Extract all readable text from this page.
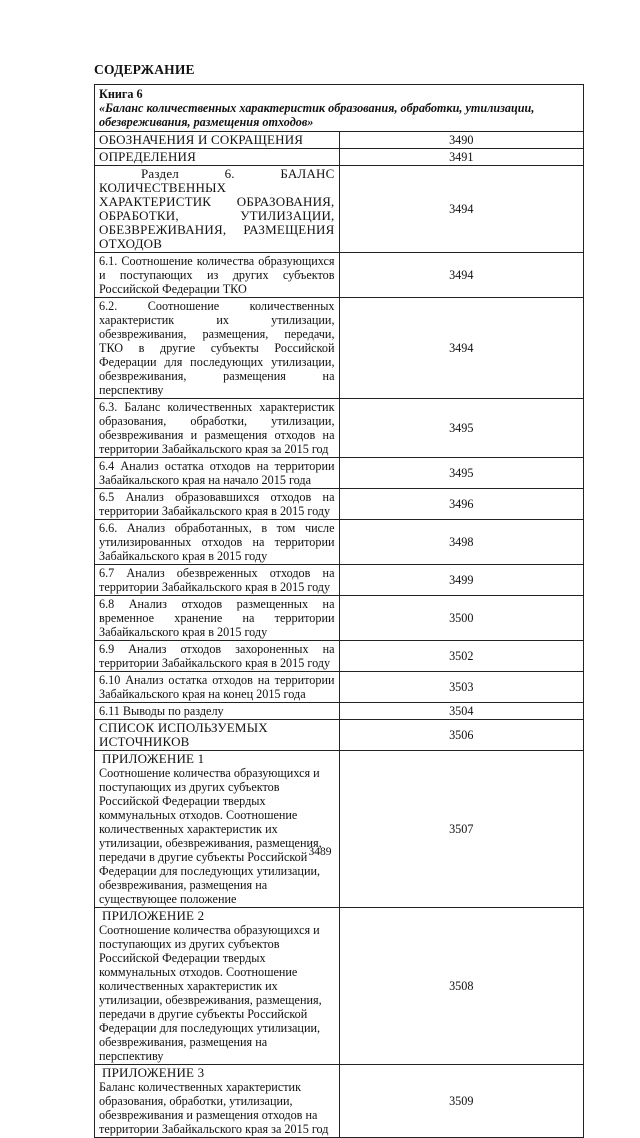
СОДЕРЖАНИЕ
Книга 6
«Баланс количественных характеристик образования, обработки, утилизации, обезвреживания, размещения отходов»	

ОБОЗНАЧЕНИЯ И СОКРАЩЕНИЯ	3490
ОПРЕДЕЛЕНИЯ	3491
Раздел 6. БАЛАНС КОЛИЧЕСТВЕННЫХ ХАРАКТЕРИСТИК ОБРАЗОВАНИЯ, ОБРАБОТКИ, УТИЛИЗАЦИИ, ОБЕЗВРЕЖИВАНИЯ, РАЗМЕЩЕНИЯ ОТХОДОВ	3494
6.1. Соотношение количества образующихся и поступающих из других субъектов Российской Федерации ТКО	3494
6.2. Соотношение количественных характеристик их утилизации, обезвреживания, размещения, передачи, ТКО в другие субъекты Российской Федерации для последующих утилизации, обезвреживания, размещения на перспективу	3494
6.3. Баланс количественных характеристик образования, обработки, утилизации, обезвреживания и размещения отходов на территории Забайкальского края за 2015 год	3495
6.4 Анализ остатка отходов на территории Забайкальского края на начало 2015 года	3495
6.5 Анализ образовавшихся отходов на территории Забайкальского края в 2015 году	3496
6.6. Анализ обработанных, в том числе утилизированных отходов на территории Забайкальского края в 2015 году	3498
6.7 Анализ обезвреженных отходов на территории Забайкальского края в 2015 году	3499
6.8 Анализ отходов размещенных на временное хранение на территории Забайкальского края в 2015 году	3500
6.9 Анализ отходов захороненных на территории Забайкальского края в 2015 году	3502
6.10 Анализ остатка отходов на территории Забайкальского края на конец 2015 года	3503
6.11 Выводы по разделу	3504
СПИСОК ИСПОЛЬЗУЕМЫХ ИСТОЧНИКОВ	3506

ПРИЛОЖЕНИЕ 1
Соотношение количества образующихся и поступающих из других субъектов Российской Федерации твердых коммунальных отходов. Соотношение количественных характеристик их утилизации, обезвреживания, размещения, передачи в другие субъекты Российской Федерации для последующих утилизации, обезвреживания, размещения на существующее положение	3507

ПРИЛОЖЕНИЕ 2
Соотношение количества образующихся и поступающих из других субъектов Российской Федерации твердых коммунальных отходов. Соотношение количественных характеристик их утилизации, обезвреживания, размещения, передачи в другие субъекты Российской Федерации для последующих утилизации, обезвреживания, размещения на перспективу	3508

ПРИЛОЖЕНИЕ 3
Баланс количественных характеристик образования, обработки, утилизации, обезвреживания и размещения отходов на территории Забайкальского края за 2015 год	3509
3489
